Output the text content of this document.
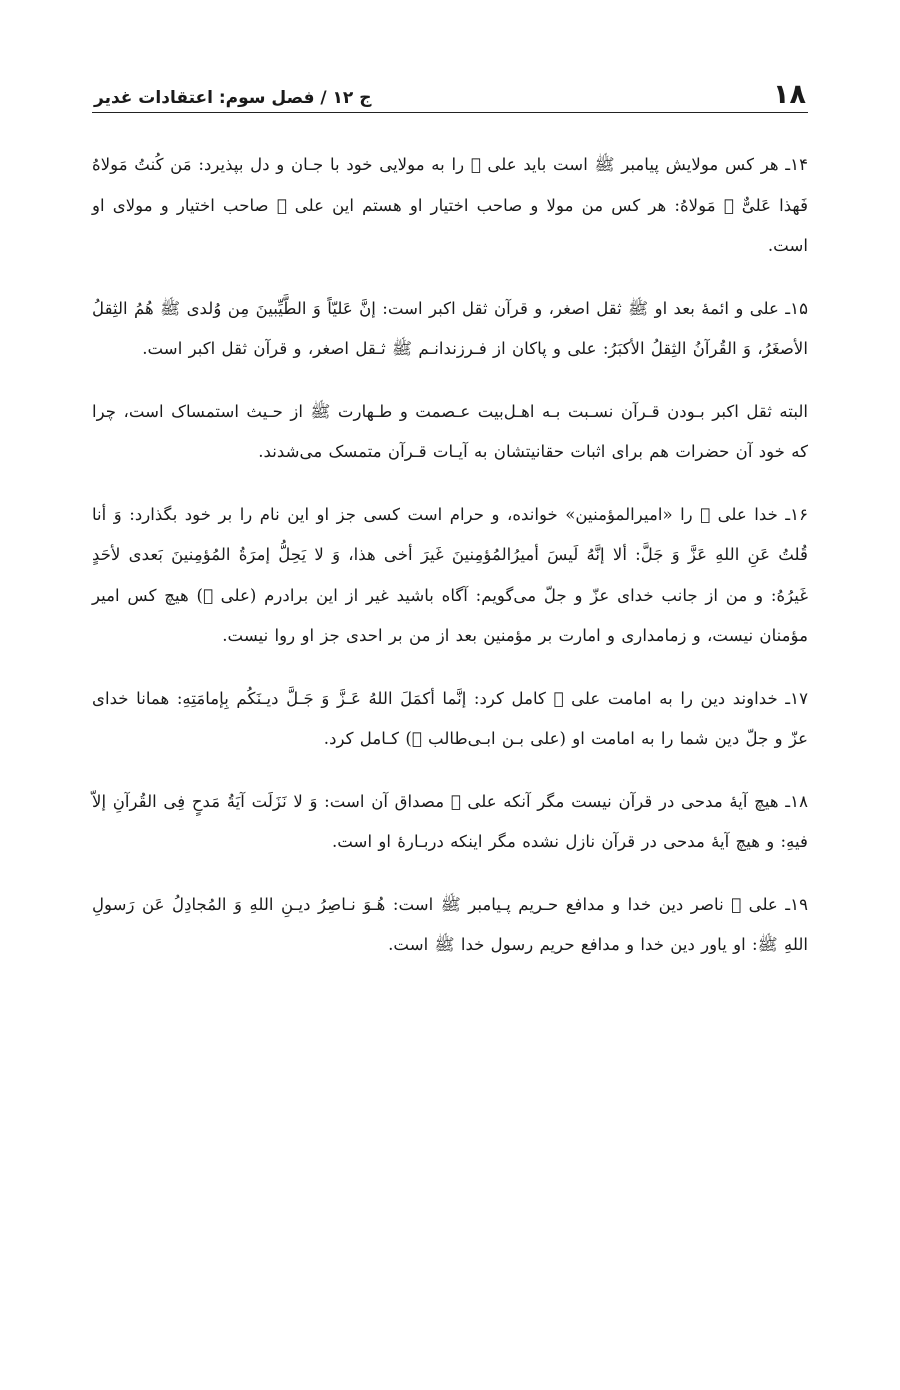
۱۸
ج ۱۲ / فصل سوم: اعتقادات غدیر

۱۴ـ هر کس مولایش پیامبر ﷺ است باید علی ﷣ را به مولایی خود با جـان و دل بپذیرد: مَن کُنتُ مَولاهُ فَهذا عَلیٌّ ﷣ مَولاهُ: هر کس من مولا و صاحب اختیار او هستم این علی ﷣ صاحب اختیار و مولای او است.

۱۵ـ علی و ائمهٔ بعد او ﷺ ثقل اصغر، و قرآن ثقل اکبر است: إنَّ عَلیّاً وَ الطَّیِّبینَ مِن وُلدی ﷺ هُمُ الثِقلُ الأصغَرُ، وَ القُرآنُ الثِقلُ الأکبَرُ: علی و پاکان از فـرزندانـم ﷺ ثـقل اصغر، و قرآن ثقل اکبر است.

البته ثقل اکبر بـودن قـرآن نسـبت بـه اهـل‌بیت عـصمت و طـهارت ﷺ از حـیث استمساک است، چرا که خود آن حضرات هم برای اثبات حقانیتشان به آیـات قـرآن متمسک می‌شدند.

۱۶ـ خدا علی ﷣ را «امیرالمؤمنین» خوانده، و حرام است کسی جز او این نام را بر خود بگذارد: وَ أنا قُلتُ عَنِ اللهِ عَزَّ وَ جَلَّ: ألا إنَّهُ لَیسَ أمیرُالمُؤمِنینَ غَیرَ أخی هذا، وَ لا یَحِلُّ إمرَةُ المُؤمِنینَ بَعدی لأحَدٍ غَیرُهُ: و من از جانب خدای عزّ و جلّ می‌گویم: آگاه باشید غیر از این برادرم (علی ﷣) هیچ کس امیر مؤمنان نیست، و زمامداری و امارت بر مؤمنین بعد از من بر احدی جز او روا نیست.

۱۷ـ خداوند دین را به امامت علی ﷣ کامل کرد: إنَّما أکمَلَ اللهُ عَـزَّ وَ جَـلَّ دیـنَکُم بِإمامَتِهِ: همانا خدای عزّ و جلّ دین شما را به امامت او (علی بـن ابـی‌طالب ﷣) کـامل کرد.

۱۸ـ هیچ آیهٔ مدحی در قرآن نیست مگر آنکه علی ﷣ مصداق آن است: وَ لا نَزَلَت آیَةُ مَدحٍ فِی القُرآنِ إلاّ فیهِ: و هیچ آیهٔ مدحی در قرآن نازل نشده مگر اینکه دربـارهٔ او است.

۱۹ـ علی ﷣ ناصر دین خدا و مدافع حـریم پـیامبر ﷺ است: هُـوَ نـاصِرُ دیـنِ اللهِ وَ المُجادِلُ عَن رَسولِ اللهِ ﷺ: او یاور دین خدا و مدافع حریم رسول خدا ﷺ است.
